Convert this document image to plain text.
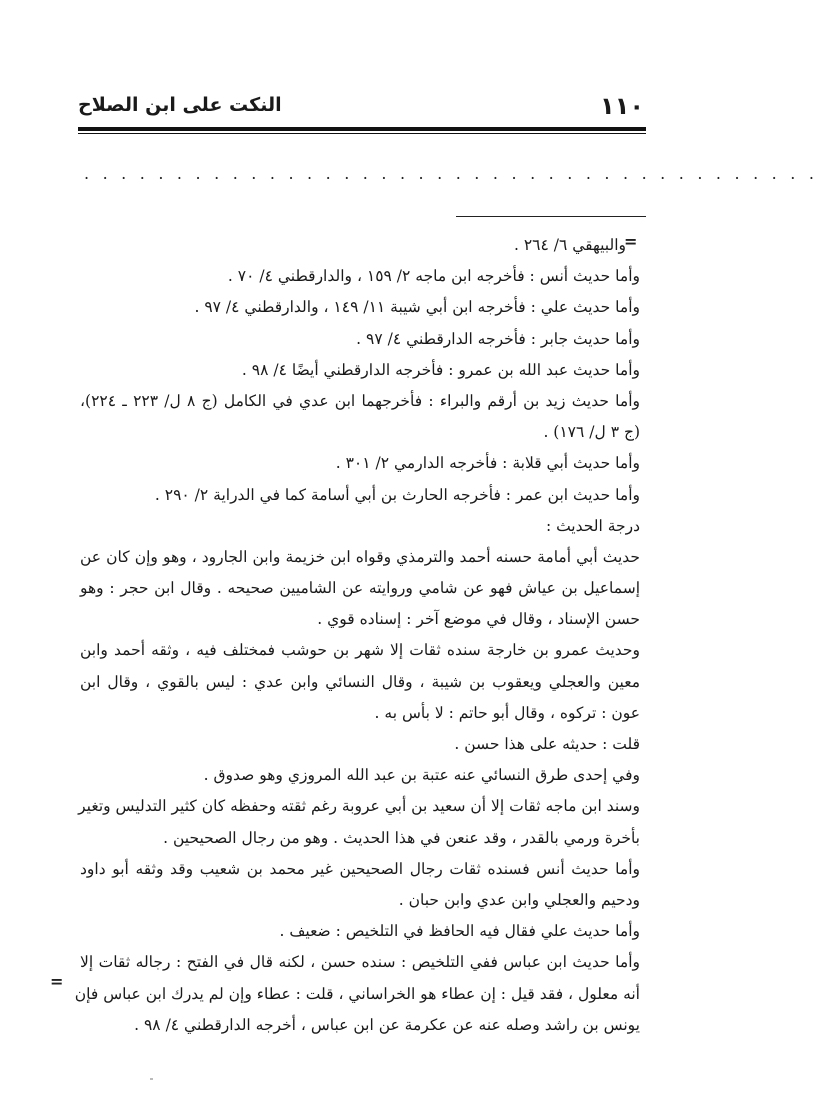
١١٠
النكت على ابن الصلاح
........................................
=
والبيهقي ٦/ ٢٦٤ .
وأما حديث أنس : فأخرجه ابن ماجه ٢/ ١٥٩ ، والدارقطني ٤/ ٧٠ .
وأما حديث علي : فأخرجه ابن أبي شيبة ١١/ ١٤٩ ، والدارقطني ٤/ ٩٧ .
وأما حديث جابر : فأخرجه الدارقطني ٤/ ٩٧ .
وأما حديث عبد الله بن عمرو : فأخرجه الدارقطني أيضًا ٤/ ٩٨ .
وأما حديث زيد بن أرقم والبراء : فأخرجهما ابن عدي في الكامل (ج ٨ ل/ ٢٢٣ ـ ٢٢٤)،
(ج ٣ ل/ ١٧٦) .
وأما حديث أبي قلابة : فأخرجه الدارمي ٢/ ٣٠١ .
وأما حديث ابن عمر : فأخرجه الحارث بن أبي أسامة كما في الدراية ٢/ ٢٩٠ .
درجة الحديث :
حديث أبي أمامة حسنه أحمد والترمذي وقواه ابن خزيمة وابن الجارود ، وهو وإن كان عن
إسماعيل بن عياش فهو عن شامي وروايته عن الشاميين صحيحه . وقال ابن حجر : وهو
حسن الإسناد ، وقال في موضع آخر : إسناده قوي .
وحديث عمرو بن خارجة سنده ثقات إلا شهر بن حوشب فمختلف فيه ، وثقه أحمد وابن
معين والعجلي ويعقوب بن شيبة ، وقال النسائي وابن عدي : ليس بالقوي ، وقال ابن
عون : تركوه ، وقال أبو حاتم : لا بأس به .
قلت : حديثه على هذا حسن .
وفي إحدى طرق النسائي عنه عتبة بن عبد الله المروزي وهو صدوق .
وسند ابن ماجه ثقات إلا أن سعيد بن أبي عروبة رغم ثقته وحفظه كان كثير التدليس وتغير
بأخرة ورمي بالقدر ، وقد عنعن في هذا الحديث . وهو من رجال الصحيحين .
وأما حديث أنس فسنده ثقات رجال الصحيحين غير محمد بن شعيب وقد وثقه أبو داود
ودحيم والعجلي وابن عدي وابن حبان .
وأما حديث علي فقال فيه الحافظ في التلخيص : ضعيف .
وأما حديث ابن عباس ففي التلخيص : سنده حسن ، لكنه قال في الفتح : رجاله ثقات إلا
أنه معلول ، فقد قيل : إن عطاء هو الخراساني ، قلت : عطاء وإن لم يدرك ابن عباس فإن
يونس بن راشد وصله عنه عن عكرمة عن ابن عباس ، أخرجه الدارقطني ٤/ ٩٨ .
=
